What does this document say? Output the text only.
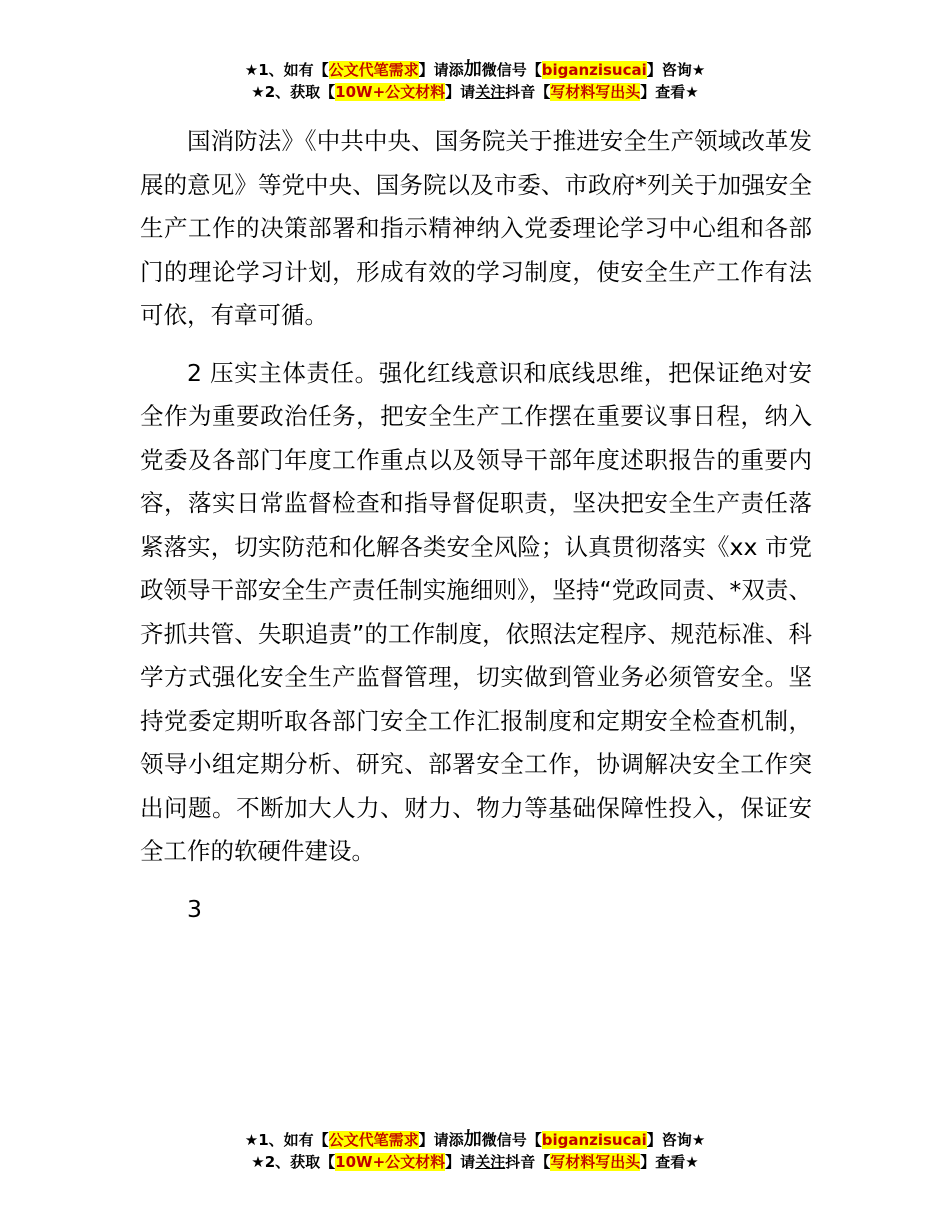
★1、如有【公文代笔需求】请添加微信号【biganzisucai】咨询★
★2、获取【10W+公文材料】请关注抖音【写材料写出头】查看★

国消防法》《中共中央、国务院关于推进安全生产领域改革发展的意见》等党中央、国务院以及市委、市政府*列关于加强安全生产工作的决策部署和指示精神纳入党委理论学习中心组和各部门的理论学习计划，形成有效的学习制度，使安全生产工作有法可依，有章可循。

2 压实主体责任。强化红线意识和底线思维，把保证绝对安全作为重要政治任务，把安全生产工作摆在重要议事日程，纳入党委及各部门年度工作重点以及领导干部年度述职报告的重要内容，落实日常监督检查和指导督促职责，坚决把安全生产责任落紧落实，切实防范和化解各类安全风险；认真贯彻落实《xx 市党政领导干部安全生产责任制实施细则》，坚持“党政同责、*双责、齐抓共管、失职追责”的工作制度，依照法定程序、规范标准、科学方式强化安全生产监督管理，切实做到管业务必须管安全。坚持党委定期听取各部门安全工作汇报制度和定期安全检查机制，领导小组定期分析、研究、部署安全工作，协调解决安全工作突出问题。不断加大人力、财力、物力等基础保障性投入，保证安全工作的软硬件建设。

3

★1、如有【公文代笔需求】请添加微信号【biganzisucai】咨询★
★2、获取【10W+公文材料】请关注抖音【写材料写出头】查看★
